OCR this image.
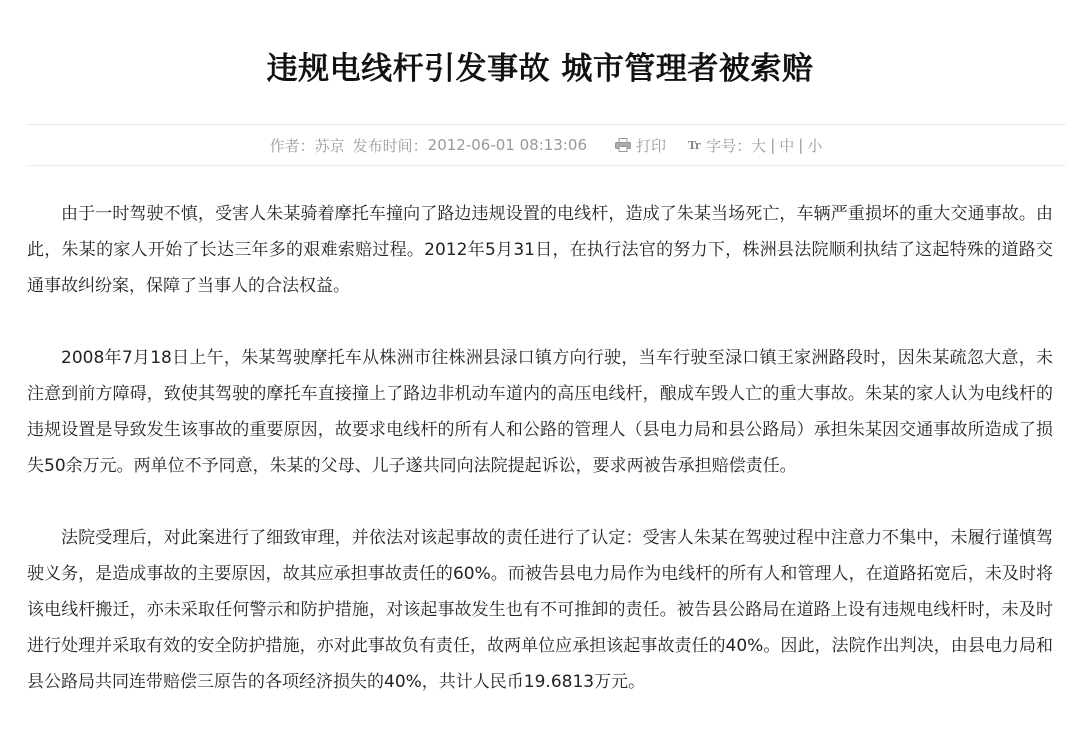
违规电线杆引发事故 城市管理者被索赔
作者： 苏京 发布时间： 2012-06-01 08:13:06	打印 Tr 字号： 大 | 中 | 小

由于一时驾驶不慎，受害人朱某骑着摩托车撞向了路边违规设置的电线杆，造成了朱某当场死亡，车辆严重损坏的重大交通事故。由此，朱某的家人开始了长达三年多的艰难索赔过程。2012年5月31日，在执行法官的努力下，株洲县法院顺利执结了这起特殊的道路交通事故纠纷案，保障了当事人的合法权益。

2008年7月18日上午，朱某驾驶摩托车从株洲市往株洲县渌口镇方向行驶，当车行驶至渌口镇王家洲路段时，因朱某疏忽大意，未注意到前方障碍，致使其驾驶的摩托车直接撞上了路边非机动车道内的高压电线杆，酿成车毁人亡的重大事故。朱某的家人认为电线杆的违规设置是导致发生该事故的重要原因，故要求电线杆的所有人和公路的管理人（县电力局和县公路局）承担朱某因交通事故所造成了损失50余万元。两单位不予同意，朱某的父母、儿子遂共同向法院提起诉讼，要求两被告承担赔偿责任。

法院受理后，对此案进行了细致审理，并依法对该起事故的责任进行了认定：受害人朱某在驾驶过程中注意力不集中，未履行谨慎驾驶义务，是造成事故的主要原因，故其应承担事故责任的60%。而被告县电力局作为电线杆的所有人和管理人，在道路拓宽后，未及时将该电线杆搬迁，亦未采取任何警示和防护措施，对该起事故发生也有不可推卸的责任。被告县公路局在道路上设有违规电线杆时，未及时进行处理并采取有效的安全防护措施，亦对此事故负有责任，故两单位应承担该起事故责任的40%。因此，法院作出判决，由县电力局和县公路局共同连带赔偿三原告的各项经济损失的40%，共计人民币19.6813万元。
